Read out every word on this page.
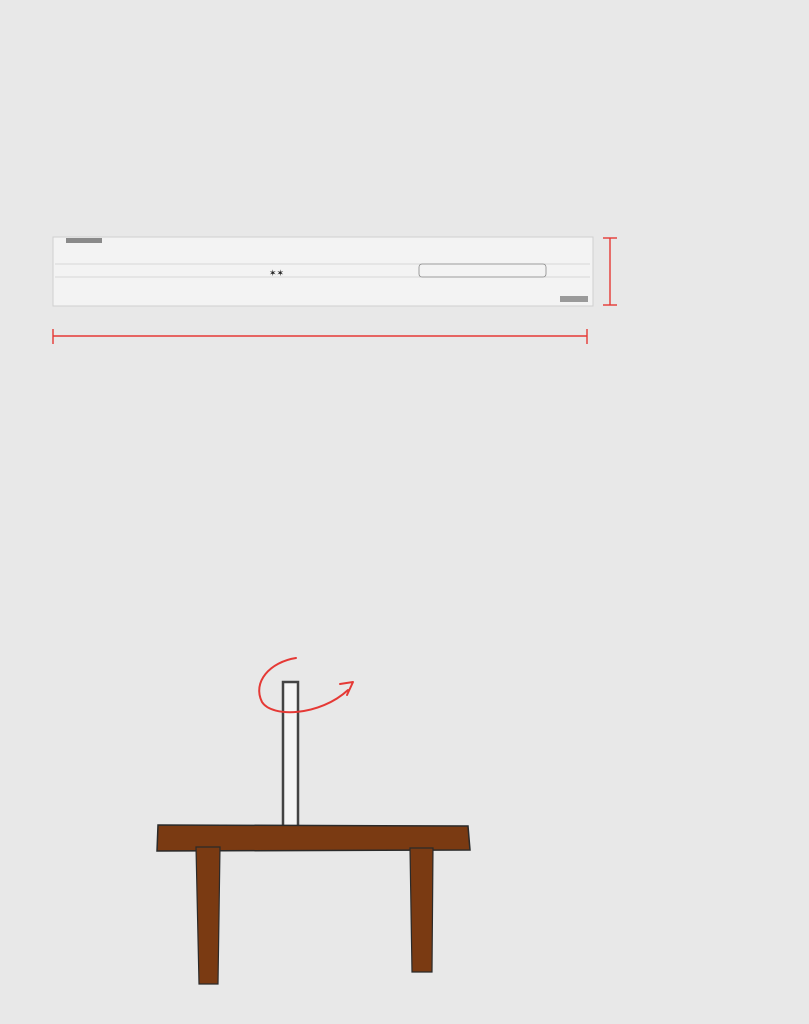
✶✶
